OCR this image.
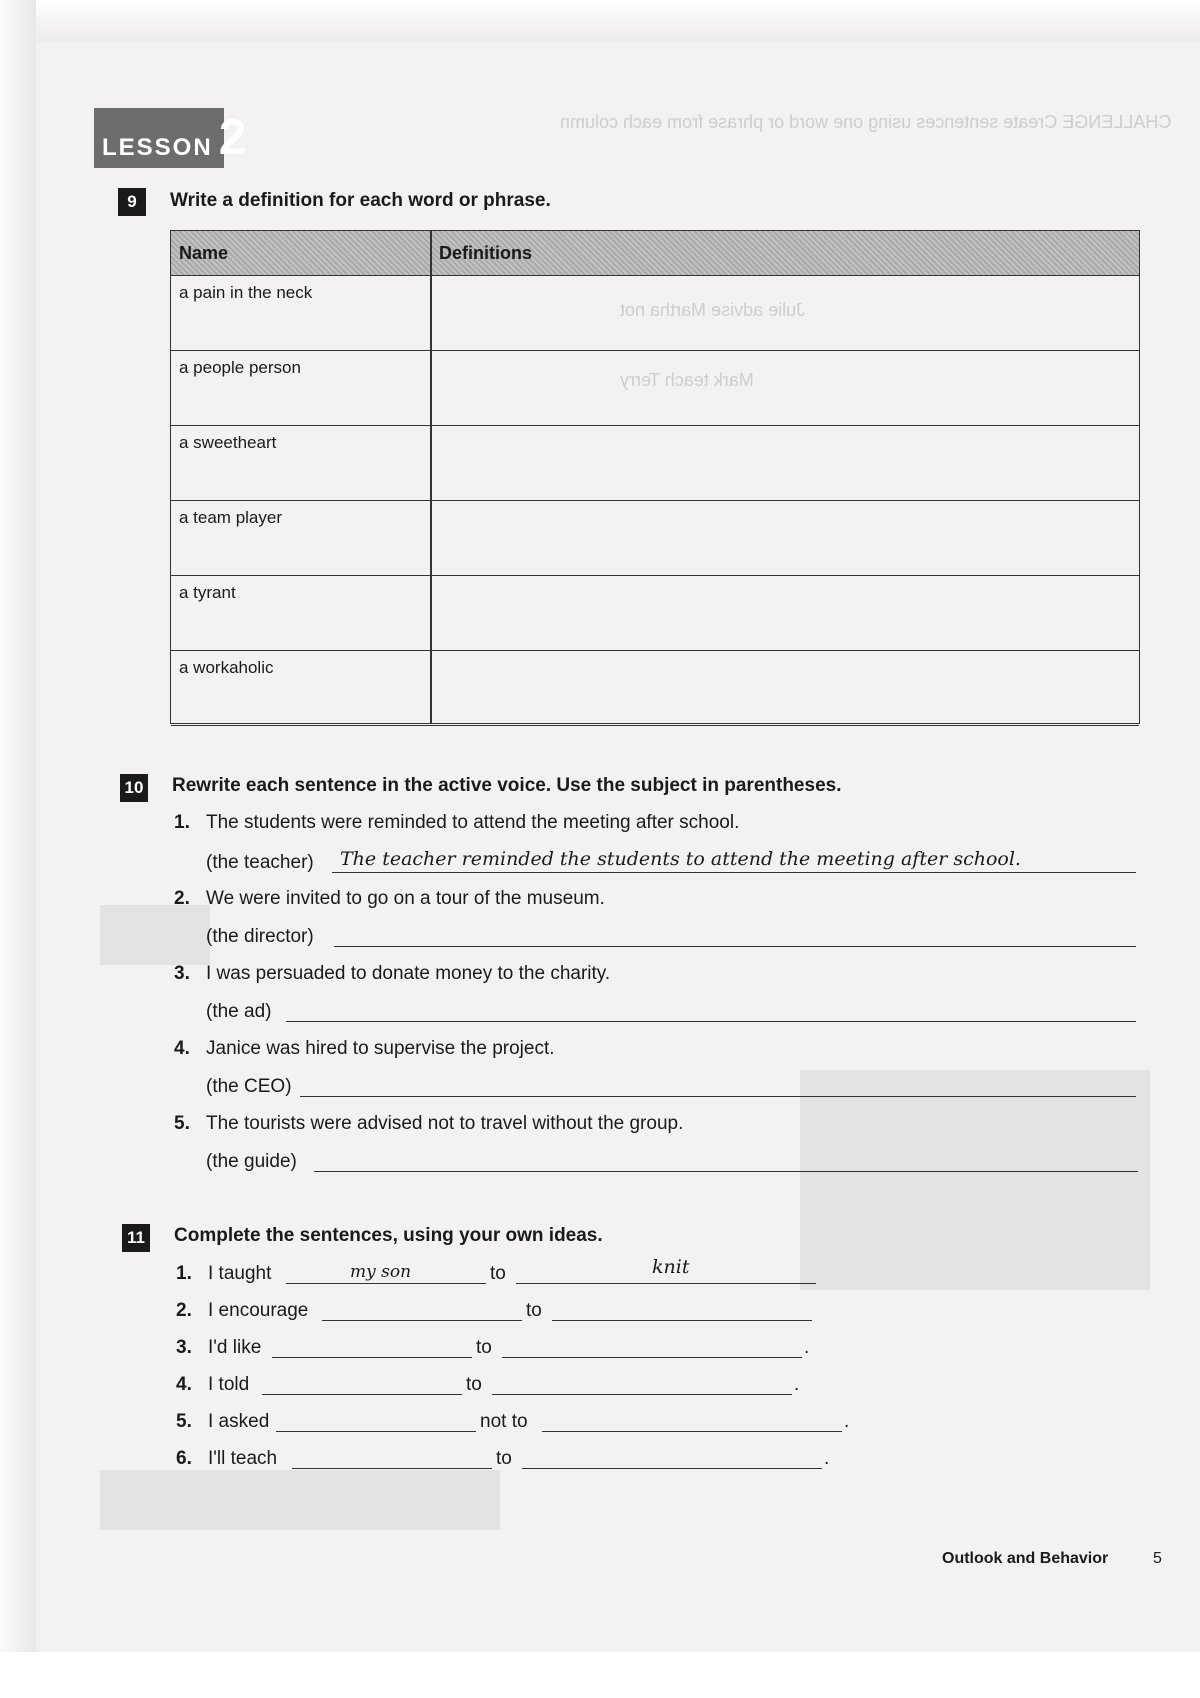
CHALLENGE Create sentences using one word or phrase from each column
Julie advise Martha not
Mark teach Terry
LESSON 2
9	Write a definition for each word or phrase.
Name	Definitions
a pain in the neck
a people person
a sweetheart
a team player
a tyrant
a workaholic
10 Rewrite each sentence in the active voice. Use the subject in parentheses.
1. The students were reminded to attend the meeting after school.
(the teacher) The teacher reminded the students to attend the meeting after school.
2. We were invited to go on a tour of the museum.
(the director)
3. I was persuaded to donate money to the charity.
(the ad)
4. Janice was hired to supervise the project.
(the CEO)
5. The tourists were advised not to travel without the group.
(the guide)
11 Complete the sentences, using your own ideas.
1. I taught	my son	to	knit
2. I encourage	to
3. I'd like	to	.
4. I told	to	.
5. I asked	not to	.
6. I'll teach	to	.
Outlook and Behavior	5
